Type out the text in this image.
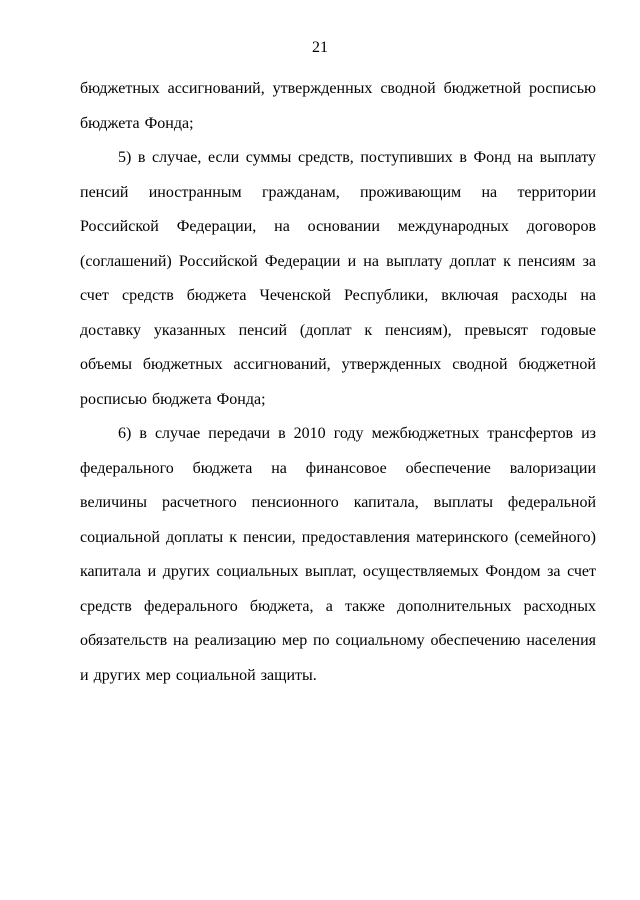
21

бюджетных ассигнований, утвержденных сводной бюджетной росписью бюджета Фонда;

5) в случае, если суммы средств, поступивших в Фонд на выплату пенсий иностранным гражданам, проживающим на территории Российской Федерации, на основании международных договоров (соглашений) Российской Федерации и на выплату доплат к пенсиям за счет средств бюджета Чеченской Республики, включая расходы на доставку указанных пенсий (доплат к пенсиям), превысят годовые объемы бюджетных ассигнований, утвержденных сводной бюджетной росписью бюджета Фонда;

6) в случае передачи в 2010 году межбюджетных трансфертов из федерального бюджета на финансовое обеспечение валоризации величины расчетного пенсионного капитала, выплаты федеральной социальной доплаты к пенсии, предоставления материнского (семейного) капитала и других социальных выплат, осуществляемых Фондом за счет средств федерального бюджета, а также дополнительных расходных обязательств на реализацию мер по социальному обеспечению населения и других мер социальной защиты.
